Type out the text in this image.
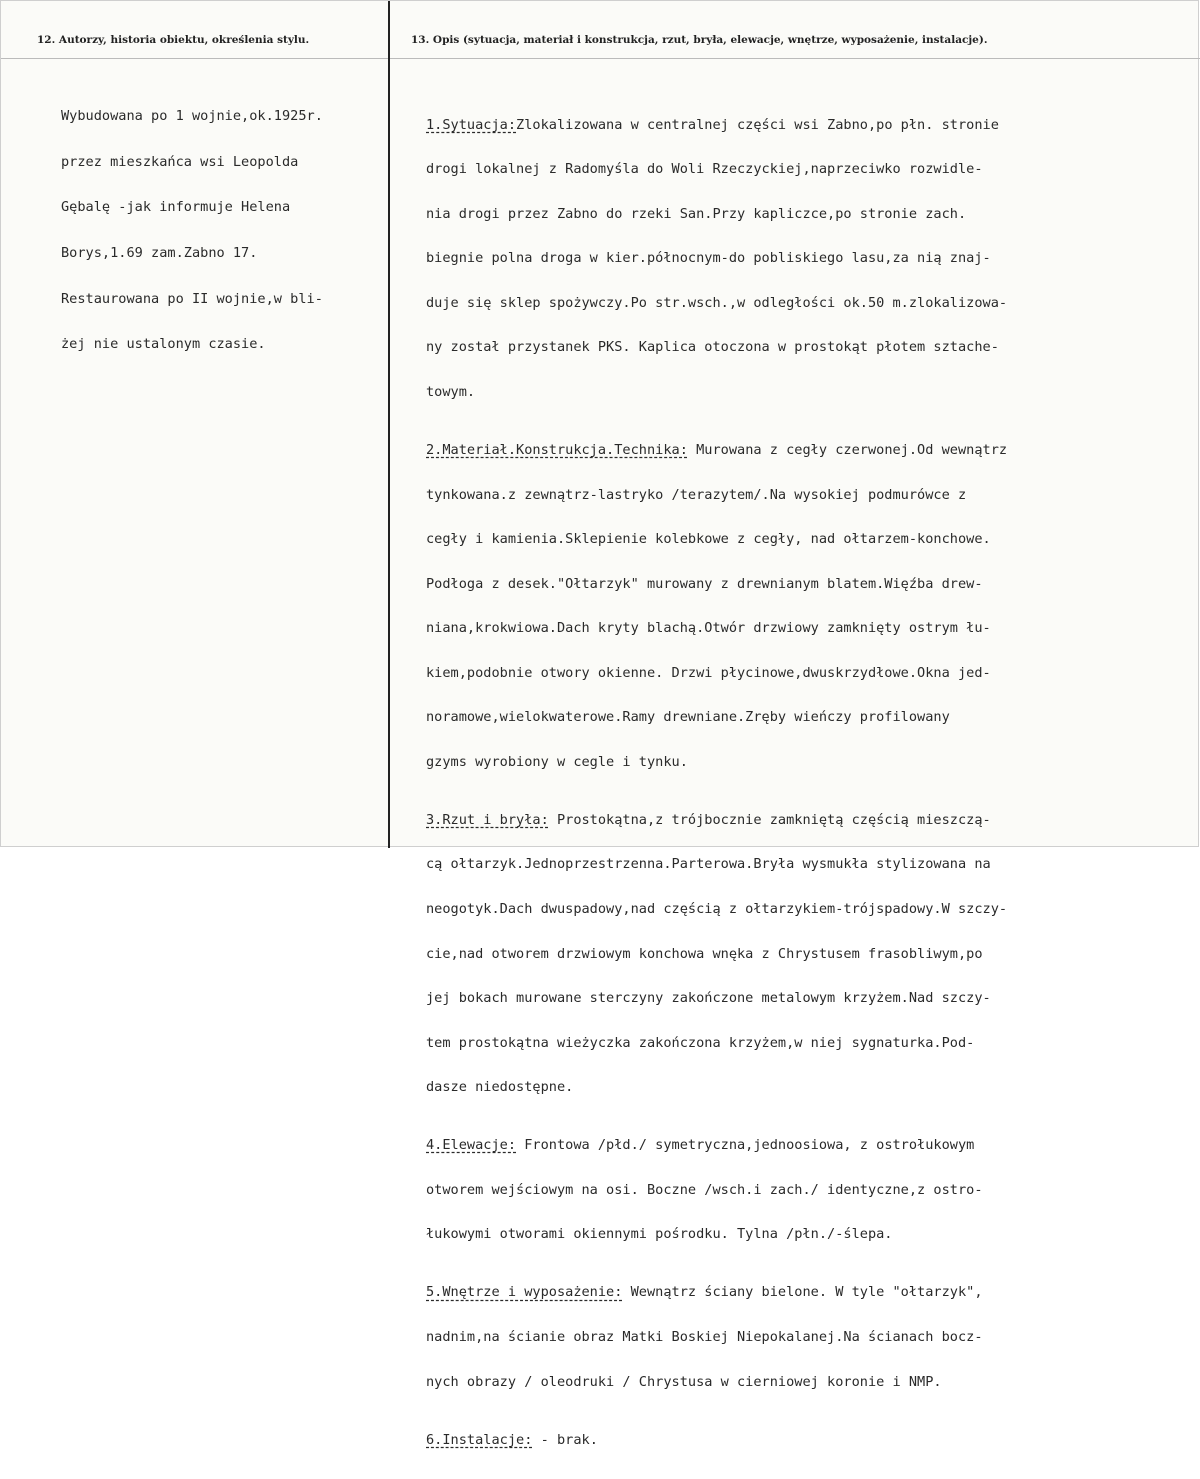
12. Autorzy, historia obiektu, określenia stylu.	13. Opis (sytuacja, materiał i konstrukcja, rzut, bryła, elewacje, wnętrze, wyposażenie, instalacje).

Wybudowana po 1 wojnie,ok.1925r.

przez mieszkańca wsi Leopolda

Gębalę -jak informuje Helena

Borys,1.69 zam.Zabno 17.

Restaurowana po II wojnie,w bli-

żej nie ustalonym czasie.

1.Sytuacja:Zlokalizowana w centralnej części wsi Zabno,po płn. stronie

drogi lokalnej z Radomyśla do Woli Rzeczyckiej,naprzeciwko rozwidle-

nia drogi przez Zabno do rzeki San.Przy kapliczce,po stronie zach.

biegnie polna droga w kier.północnym-do pobliskiego lasu,za nią znaj-

duje się sklep spożywczy.Po str.wsch.,w odległości ok.50 m.zlokalizowa-

ny został przystanek PKS. Kaplica otoczona w prostokąt płotem sztache-

towym.

2.Materiał.Konstrukcja.Technika: Murowana z cegły czerwonej.Od wewnątrz

tynkowana.z zewnątrz-lastryko /terazytem/.Na wysokiej podmurówce z

cegły i kamienia.Sklepienie kolebkowe z cegły, nad ołtarzem-konchowe.

Podłoga z desek."Ołtarzyk" murowany z drewnianym blatem.Więźba drew-

niana,krokwiowa.Dach kryty blachą.Otwór drzwiowy zamknięty ostrym łu-

kiem,podobnie otwory okienne. Drzwi płycinowe,dwuskrzydłowe.Okna jed-

noramowe,wielokwaterowe.Ramy drewniane.Zręby wieńczy profilowany

gzyms wyrobiony w cegle i tynku.

3.Rzut i bryła: Prostokątna,z trójbocznie zamkniętą częścią mieszczą-

cą ołtarzyk.Jednoprzestrzenna.Parterowa.Bryła wysmukła stylizowana na

neogotyk.Dach dwuspadowy,nad częścią z ołtarzykiem-trójspadowy.W szczy-

cie,nad otworem drzwiowym konchowa wnęka z Chrystusem frasobliwym,po

jej bokach murowane sterczyny zakończone metalowym krzyżem.Nad szczy-

tem prostokątna wieżyczka zakończona krzyżem,w niej sygnaturka.Pod-

dasze niedostępne.

4.Elewacje: Frontowa /płd./ symetryczna,jednoosiowa, z ostrołukowym

otworem wejściowym na osi. Boczne /wsch.i zach./ identyczne,z ostro-

łukowymi otworami okiennymi pośrodku. Tylna /płn./-ślepa.

5.Wnętrze i wyposażenie: Wewnątrz ściany bielone. W tyle "ołtarzyk",

nadnim,na ścianie obraz Matki Boskiej Niepokalanej.Na ścianach bocz-

nych obrazy / oleodruki / Chrystusa w cierniowej koronie i NMP.

6.Instalacje: - brak.
